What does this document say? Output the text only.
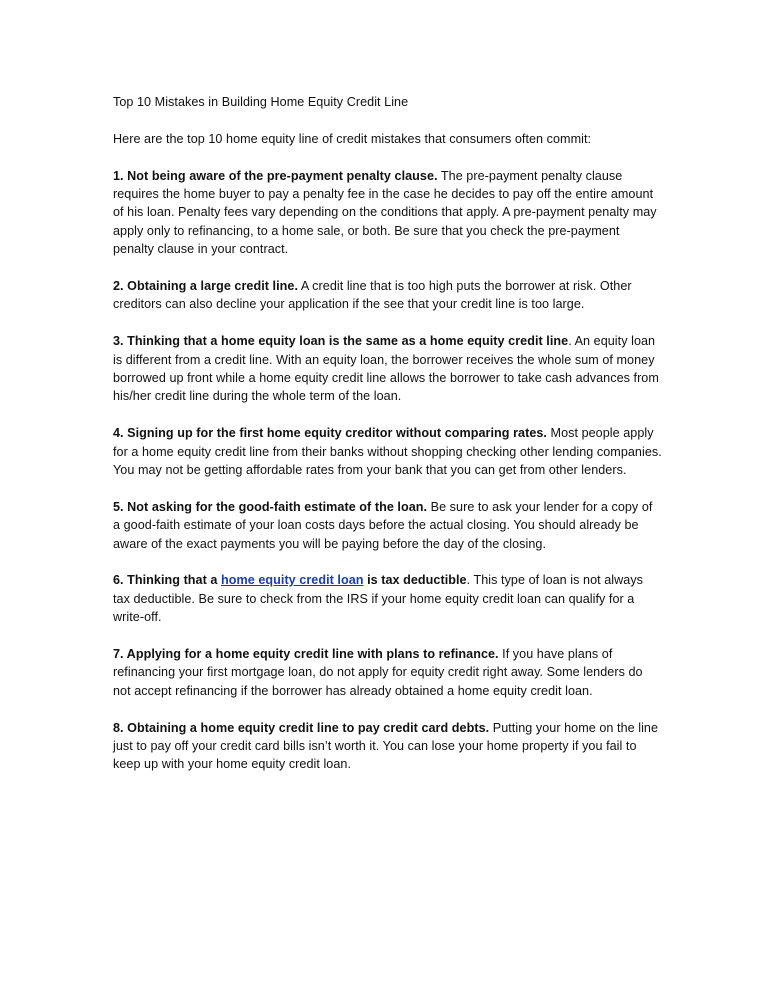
Top 10 Mistakes in Building Home Equity Credit Line

Here are the top 10 home equity line of credit mistakes that consumers often commit:

1. Not being aware of the pre-payment penalty clause. The pre-payment penalty clause requires the home buyer to pay a penalty fee in the case he decides to pay off the entire amount of his loan. Penalty fees vary depending on the conditions that apply. A pre-payment penalty may apply only to refinancing, to a home sale, or both. Be sure that you check the pre-payment penalty clause in your contract.

2. Obtaining a large credit line. A credit line that is too high puts the borrower at risk. Other creditors can also decline your application if the see that your credit line is too large.

3. Thinking that a home equity loan is the same as a home equity credit line. An equity loan is different from a credit line. With an equity loan, the borrower receives the whole sum of money borrowed up front while a home equity credit line allows the borrower to take cash advances from his/her credit line during the whole term of the loan.

4. Signing up for the first home equity creditor without comparing rates. Most people apply for a home equity credit line from their banks without shopping checking other lending companies. You may not be getting affordable rates from your bank that you can get from other lenders.

5. Not asking for the good-faith estimate of the loan. Be sure to ask your lender for a copy of a good-faith estimate of your loan costs days before the actual closing. You should already be aware of the exact payments you will be paying before the day of the closing.

6. Thinking that a home equity credit loan is tax deductible. This type of loan is not always tax deductible. Be sure to check from the IRS if your home equity credit loan can qualify for a write-off.

7. Applying for a home equity credit line with plans to refinance. If you have plans of refinancing your first mortgage loan, do not apply for equity credit right away. Some lenders do not accept refinancing if the borrower has already obtained a home equity credit loan.

8. Obtaining a home equity credit line to pay credit card debts. Putting your home on the line just to pay off your credit card bills isn’t worth it. You can lose your home property if you fail to keep up with your home equity credit loan.
